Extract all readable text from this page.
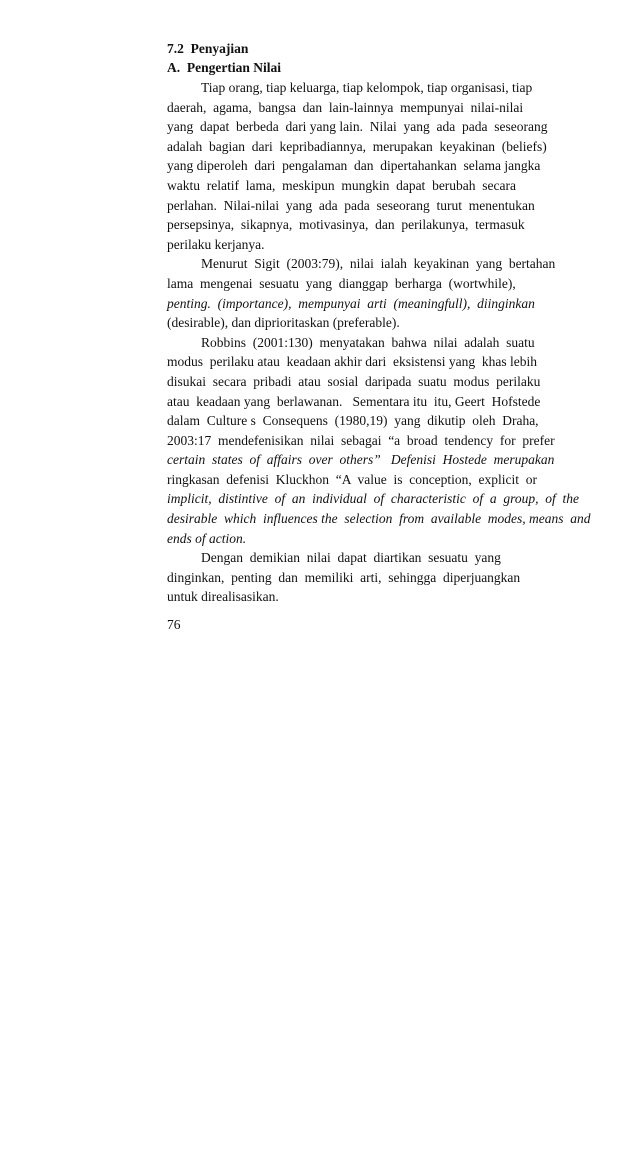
7.2  Penyajian
A.  Pengertian Nilai
Tiap orang, tiap keluarga, tiap kelompok, tiap organisasi, tiap
daerah,  agama,  bangsa  dan  lain-lainnya  mempunyai  nilai-nilai
yang  dapat  berbeda  dari yang lain.  Nilai  yang  ada  pada  seseorang
adalah  bagian  dari  kepribadiannya,  merupakan  keyakinan  (beliefs)
yang diperoleh  dari  pengalaman  dan  dipertahankan  selama jangka
waktu  relatif  lama,  meskipun  mungkin  dapat  berubah  secara
perlahan.  Nilai-nilai  yang  ada  pada  seseorang  turut  menentukan
persepsinya,  sikapnya,  motivasinya,  dan  perilakunya,  termasuk
perilaku kerjanya.
Menurut  Sigit  (2003:79),  nilai  ialah  keyakinan  yang  bertahan
lama  mengenai  sesuatu  yang  dianggap  berharga  (wortwhile),
penting.  (importance),  mempunyai  arti  (meaningfull),  diinginkan
(desirable), dan diprioritaskan (preferable).
Robbins  (2001:130)  menyatakan  bahwa  nilai  adalah  suatu
modus  perilaku atau  keadaan akhir dari  eksistensi yang  khas lebih
disukai  secara  pribadi  atau  sosial  daripada  suatu  modus  perilaku
atau  keadaan yang  berlawanan.   Sementara itu  itu, Geert  Hofstede
dalam  Culture s  Consequens  (1980,19)  yang  dikutip  oleh  Draha,
2003:17  mendefenisikan  nilai  sebagai  “a  broad  tendency  for  prefer
certain  states  of  affairs  over  others”   Defenisi  Hostede  merupakan
ringkasan  defenisi  Kluckhon  “A  value  is  conception,  explicit  or
implicit,  distintive  of  an  individual  of  characteristic  of  a  group,  of  the
desirable  which  influences the  selection  from  available  modes, means  and
ends of action.
Dengan  demikian  nilai  dapat  diartikan  sesuatu  yang
dinginkan,  penting  dan  memiliki  arti,  sehingga  diperjuangkan
untuk direalisasikan.
76
